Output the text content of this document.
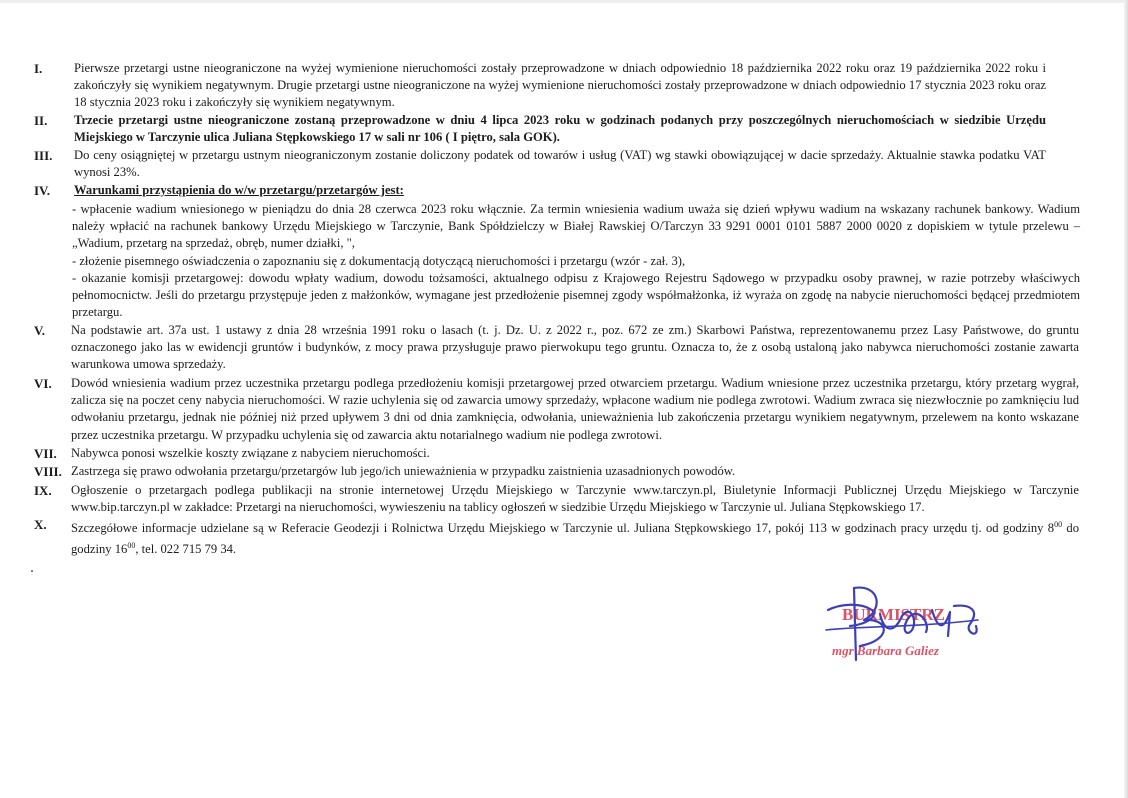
I.	Pierwsze przetargi ustne nieograniczone na wyżej wymienione nieruchomości zostały przeprowadzone w dniach odpowiednio 18 października 2022 roku oraz 19 października 2022 roku i zakończyły się wynikiem negatywnym. Drugie przetargi ustne nieograniczone na wyżej wymienione nieruchomości zostały przeprowadzone w dniach odpowiednio 17 stycznia 2023 roku oraz 18 stycznia 2023 roku i zakończyły się wynikiem negatywnym.
II. Trzecie przetargi ustne nieograniczone zostaną przeprowadzone w dniu 4 lipca 2023 roku w godzinach podanych przy poszczególnych nieruchomościach w siedzibie Urzędu Miejskiego w Tarczynie ulica Juliana Stępkowskiego 17 w sali nr 106 ( I piętro, sala GOK).
III. Do ceny osiągniętej w przetargu ustnym nieograniczonym zostanie doliczony podatek od towarów i usług (VAT) wg stawki obowiązującej w dacie sprzedaży. Aktualnie stawka podatku VAT wynosi 23%.
IV. Warunkami przystąpienia do w/w przetargu/przetargów jest:
- wpłacenie wadium wniesionego w pieniądzu do dnia 28 czerwca 2023 roku włącznie. Za termin wniesienia wadium uważa się dzień wpływu wadium na wskazany rachunek bankowy. Wadium należy wpłacić na rachunek bankowy Urzędu Miejskiego w Tarczynie, Bank Spółdzielczy w Białej Rawskiej O/Tarczyn 33 9291 0001 0101 5887 2000 0020 z dopiskiem w tytule przelewu – „Wadium, przetarg na sprzedaż, obręb, numer działki, ",
- złożenie pisemnego oświadczenia o zapoznaniu się z dokumentacją dotyczącą nieruchomości i przetargu (wzór - zał. 3),
- okazanie komisji przetargowej: dowodu wpłaty wadium, dowodu tożsamości, aktualnego odpisu z Krajowego Rejestru Sądowego w przypadku osoby prawnej, w razie potrzeby właściwych pełnomocnictw. Jeśli do przetargu przystępuje jeden z małżonków, wymagane jest przedłożenie pisemnej zgody współmałżonka, iż wyraża on zgodę na nabycie nieruchomości będącej przedmiotem przetargu.
V. Na podstawie art. 37a ust. 1 ustawy z dnia 28 września 1991 roku o lasach (t. j. Dz. U. z 2022 r., poz. 672 ze zm.) Skarbowi Państwa, reprezentowanemu przez Lasy Państwowe, do gruntu oznaczonego jako las w ewidencji gruntów i budynków, z mocy prawa przysługuje prawo pierwokupu tego gruntu. Oznacza to, że z osobą ustaloną jako nabywca nieruchomości zostanie zawarta warunkowa umowa sprzedaży.
VI. Dowód wniesienia wadium przez uczestnika przetargu podlega przedłożeniu komisji przetargowej przed otwarciem przetargu. Wadium wniesione przez uczestnika przetargu, który przetarg wygrał, zalicza się na poczet ceny nabycia nieruchomości. W razie uchylenia się od zawarcia umowy sprzedaży, wpłacone wadium nie podlega zwrotowi. Wadium zwraca się niezwłocznie po zamknięciu lud odwołaniu przetargu, jednak nie później niż przed upływem 3 dni od dnia zamknięcia, odwołania, unieważnienia lub zakończenia przetargu wynikiem negatywnym, przelewem na konto wskazane przez uczestnika przetargu. W przypadku uchylenia się od zawarcia aktu notarialnego wadium nie podlega zwrotowi.
VII. Nabywca ponosi wszelkie koszty związane z nabyciem nieruchomości.
VIII. Zastrzega się prawo odwołania przetargu/przetargów lub jego/ich unieważnienia w przypadku zaistnienia uzasadnionych powodów.
IX. Ogłoszenie o przetargach podlega publikacji na stronie internetowej Urzędu Miejskiego w Tarczynie www.tarczyn.pl, Biuletynie Informacji Publicznej Urzędu Miejskiego w Tarczynie www.bip.tarczyn.pl w zakładce: Przetargi na nieruchomości, wywieszeniu na tablicy ogłoszeń w siedzibie Urzędu Miejskiego w Tarczynie ul. Juliana Stępkowskiego 17.
X. Szczegółowe informacje udzielane są w Referacie Geodezji i Rolnictwa Urzędu Miejskiego w Tarczynie ul. Juliana Stępkowskiego 17, pokój 113 w godzinach pracy urzędu tj. od godziny $8^{00}$ do godziny $16^{00}$, tel. 022 715 79 34.
BURMISTRZ
mgr Barbara Galiez
